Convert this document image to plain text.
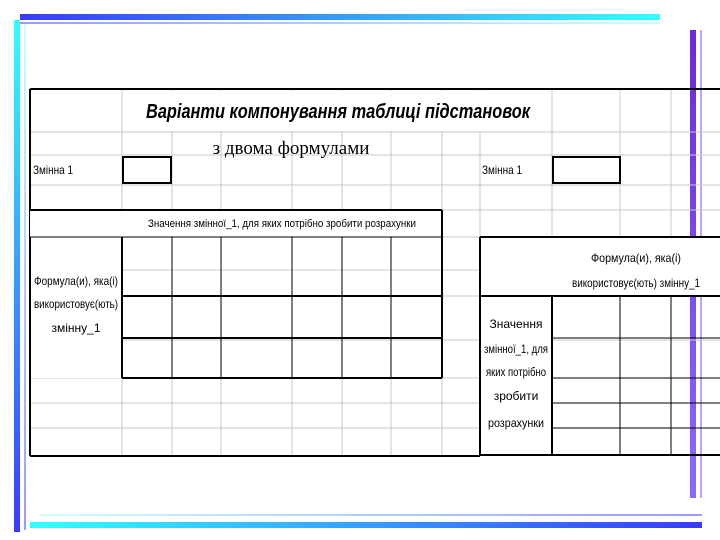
Варіанти компонування таблиці підстановок
з двома формулами
Змінна 1
Значення змінної_1, для яких потрібно зробити розрахунки
Формула(и), яка(і)
використовує(ють)
змінну_1
Змінна 1
Формула(и), яка(і)
використовує(ють) змінну_1
Значення
змінної_1, для
яких потрібно
зробити
розрахунки
